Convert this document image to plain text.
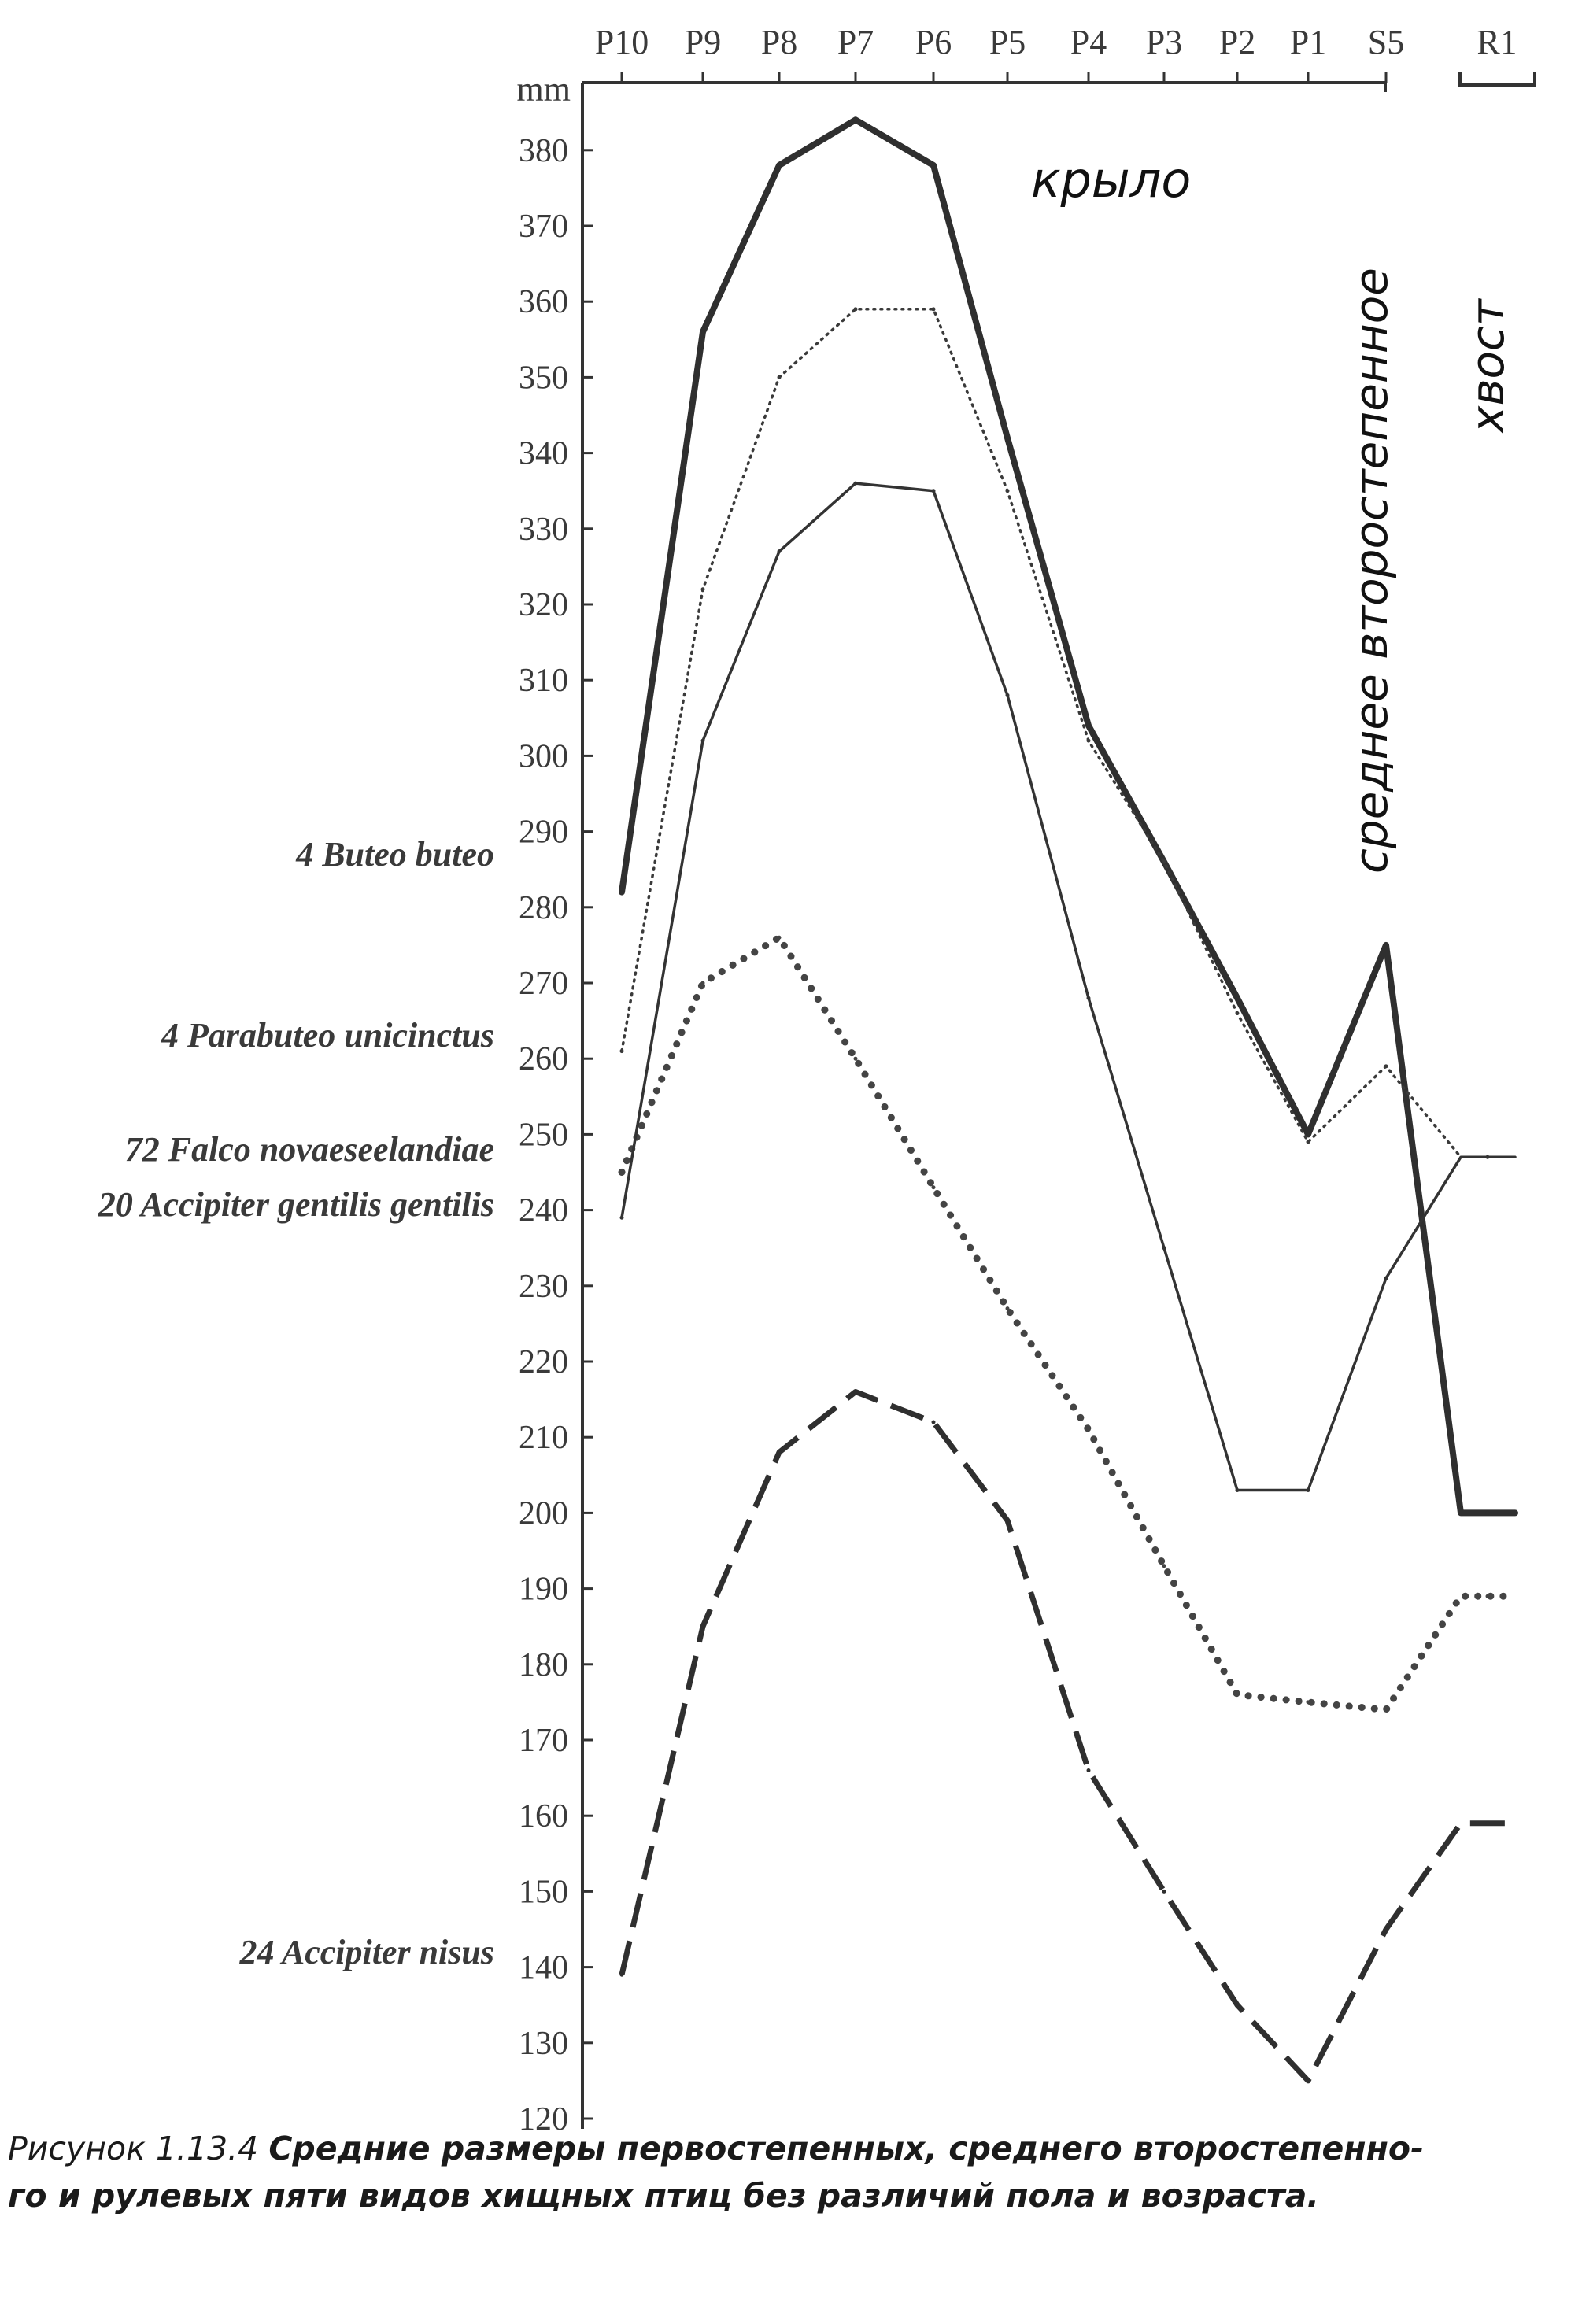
P10 P9 P8 P7 P6 P5 P4 P3 P2 P1 S5 R1
mm
380
370
360
350
340
330
320
310
300
290
280
270
260
250
240
230
220
210
200
190
180
170
160
150
140
130
120
4 Buteo buteo
4 Parabuteo unicinctus
72 Falco novaeseelandiae
20 Accipiter gentilis gentilis
24 Accipiter nisus
крыло
среднее второстепенное хвост
Рисунок 1.13.4 Средние размеры первостепенных, среднего второстепенно-
го и рулевых пяти видов хищных птиц без различий пола и возраста.
